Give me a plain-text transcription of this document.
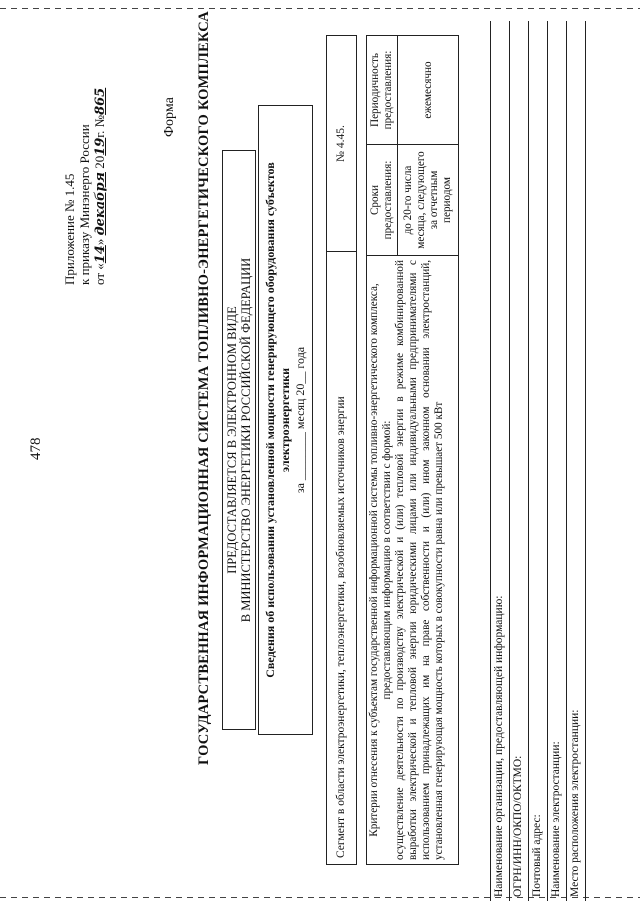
478
Приложение № 1.45 к приказу Минэнерго России от «14» декабря 2019г. №865	Форма ГОСУДАРСТВЕННАЯ ИНФОРМАЦИОННАЯ СИСТЕМА ТОПЛИВНО-ЭНЕРГЕТИЧЕСКОГО КОМПЛЕКСА ПРЕДОСТАВЛЯЕТСЯ В ЭЛЕКТРОННОМ ВИДЕ В МИНИСТЕРСТВО ЭНЕРГЕТИКИ РОССИЙСКОЙ ФЕДЕРАЦИИ Сведения об использовании установленной мощности генерирующего оборудования субъектов электроэнергетики
за ________ месяц 20__ года
Сегмент в области электроэнергетики, теплоэнергетики, возобновляемых источников энергии	№ 4.45.
Критерии отнесения к субъектам государственной информационной системы топливно-энергетического комплекса, предоставляющим информацию в соответствии с формой: осуществление деятельности по производству электрической и (или) тепловой энергии в режиме комбинированной выработки электрической и тепловой энергии юридическими лицами или индивидуальными предпринимателями с использованием принадлежащих им на праве собственности и (или) ином законном основании электростанций, установленная генерирующая мощность которых в совокупности равна или превышает 500 кВт

Сроки предоставления: до 20-го числа месяца, следующего за отчетным периодом

Периодичность предоставления:	ежемесячно
Наименование организации, предоставляющей информацию:
ОГРН/ИНН/ОКПО/ОКТМО:
Почтовый адрес:
Наименование электростанции:
Место расположения электростанции:
